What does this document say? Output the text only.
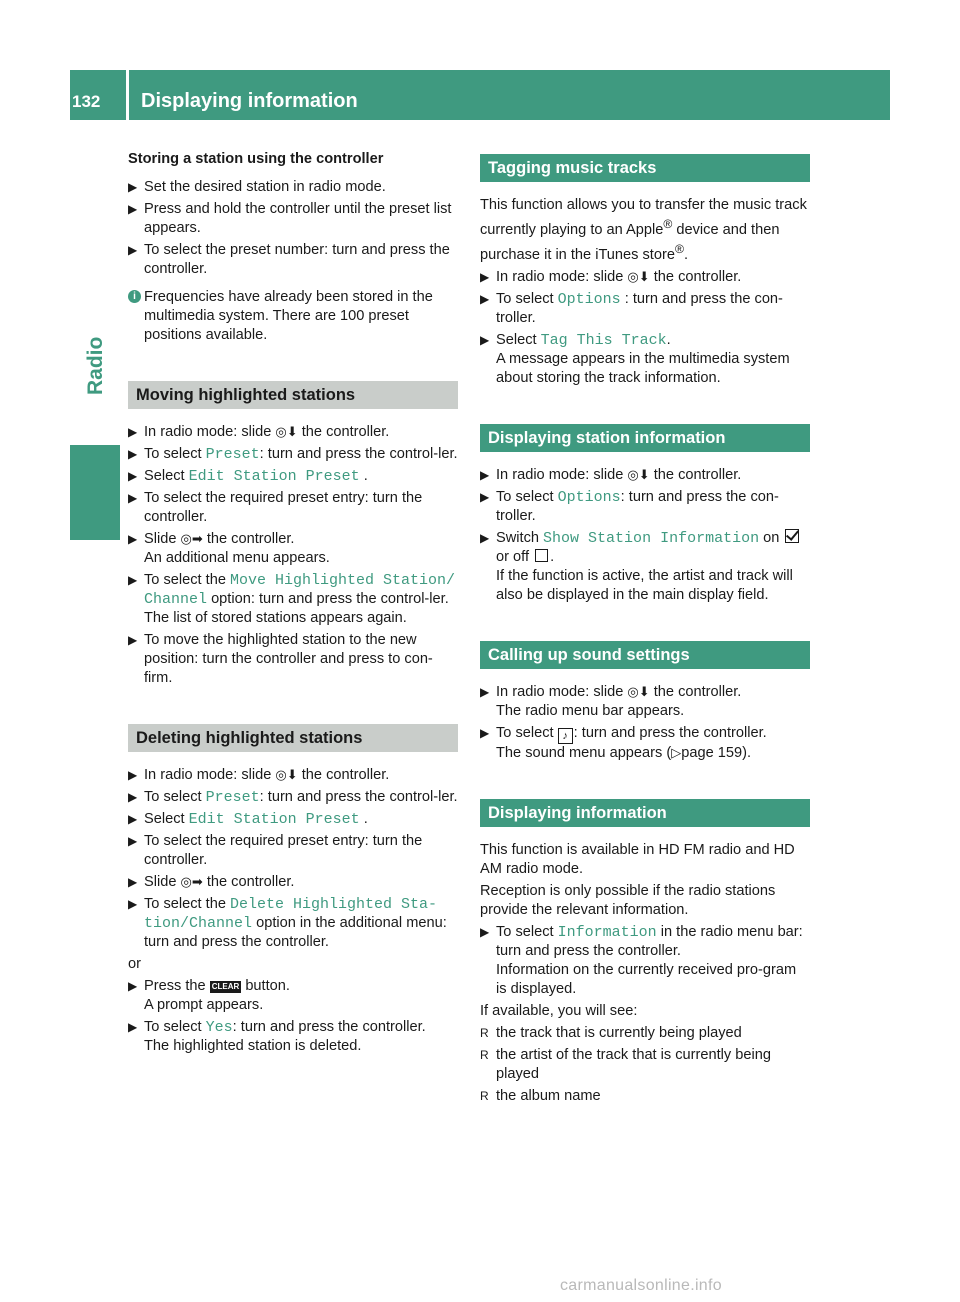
132	Displaying information
Radio
Storing a station using the controller
▶ Set the desired station in radio mode.
▶ Press and hold the controller until the preset list appears.
▶ To select the preset number: turn and press the controller.
i Frequencies have already been stored in the multimedia system. There are 100 preset positions available.
Moving highlighted stations
▶ In radio mode: slide ◎⬇ the controller.
▶ To select Preset: turn and press the control-ler.
▶ Select Edit Station Preset .
▶ To select the required preset entry: turn the controller.
▶ Slide ◎➡ the controller.
An additional menu appears.
▶ To select the Move Highlighted Station/ Channel option: turn and press the control-ler.
The list of stored stations appears again.
▶ To move the highlighted station to the new position: turn the controller and press to con-firm.
Deleting highlighted stations
▶ In radio mode: slide ◎⬇ the controller.
▶ To select Preset: turn and press the control-ler.
▶ Select Edit Station Preset .
▶ To select the required preset entry: turn the controller.
▶ Slide ◎➡ the controller.
▶ To select the Delete Highlighted Sta‐ tion/Channel option in the additional menu: turn and press the controller.
or
▶ Press the CLEAR button.
A prompt appears.
▶ To select Yes: turn and press the controller.
The highlighted station is deleted.
Tagging music tracks
This function allows you to transfer the music track currently playing to an Apple® device and then purchase it in the iTunes store®.
▶ In radio mode: slide ◎⬇ the controller.
▶ To select Options : turn and press the con-troller.
▶ Select Tag This Track.
A message appears in the multimedia system about storing the track information.
Displaying station information
▶ In radio mode: slide ◎⬇ the controller.
▶ To select Options: turn and press the con-troller.
▶ Switch Show Station Information on
or off .
If the function is active, the artist and track will also be displayed in the main display field.
Calling up sound settings
▶ In radio mode: slide ◎⬇ the controller.
The radio menu bar appears.
▶ To select ♪ : turn and press the controller.
The sound menu appears (▷page 159).
Displaying information
This function is available in HD FM radio and HD AM radio mode.
Reception is only possible if the radio stations provide the relevant information.
▶ To select Information in the radio menu bar: turn and press the controller.
Information on the currently received pro-gram is displayed.
If available, you will see:
R the track that is currently being played
R the artist of the track that is currently being played
R the album name
carmanualsonline.info
